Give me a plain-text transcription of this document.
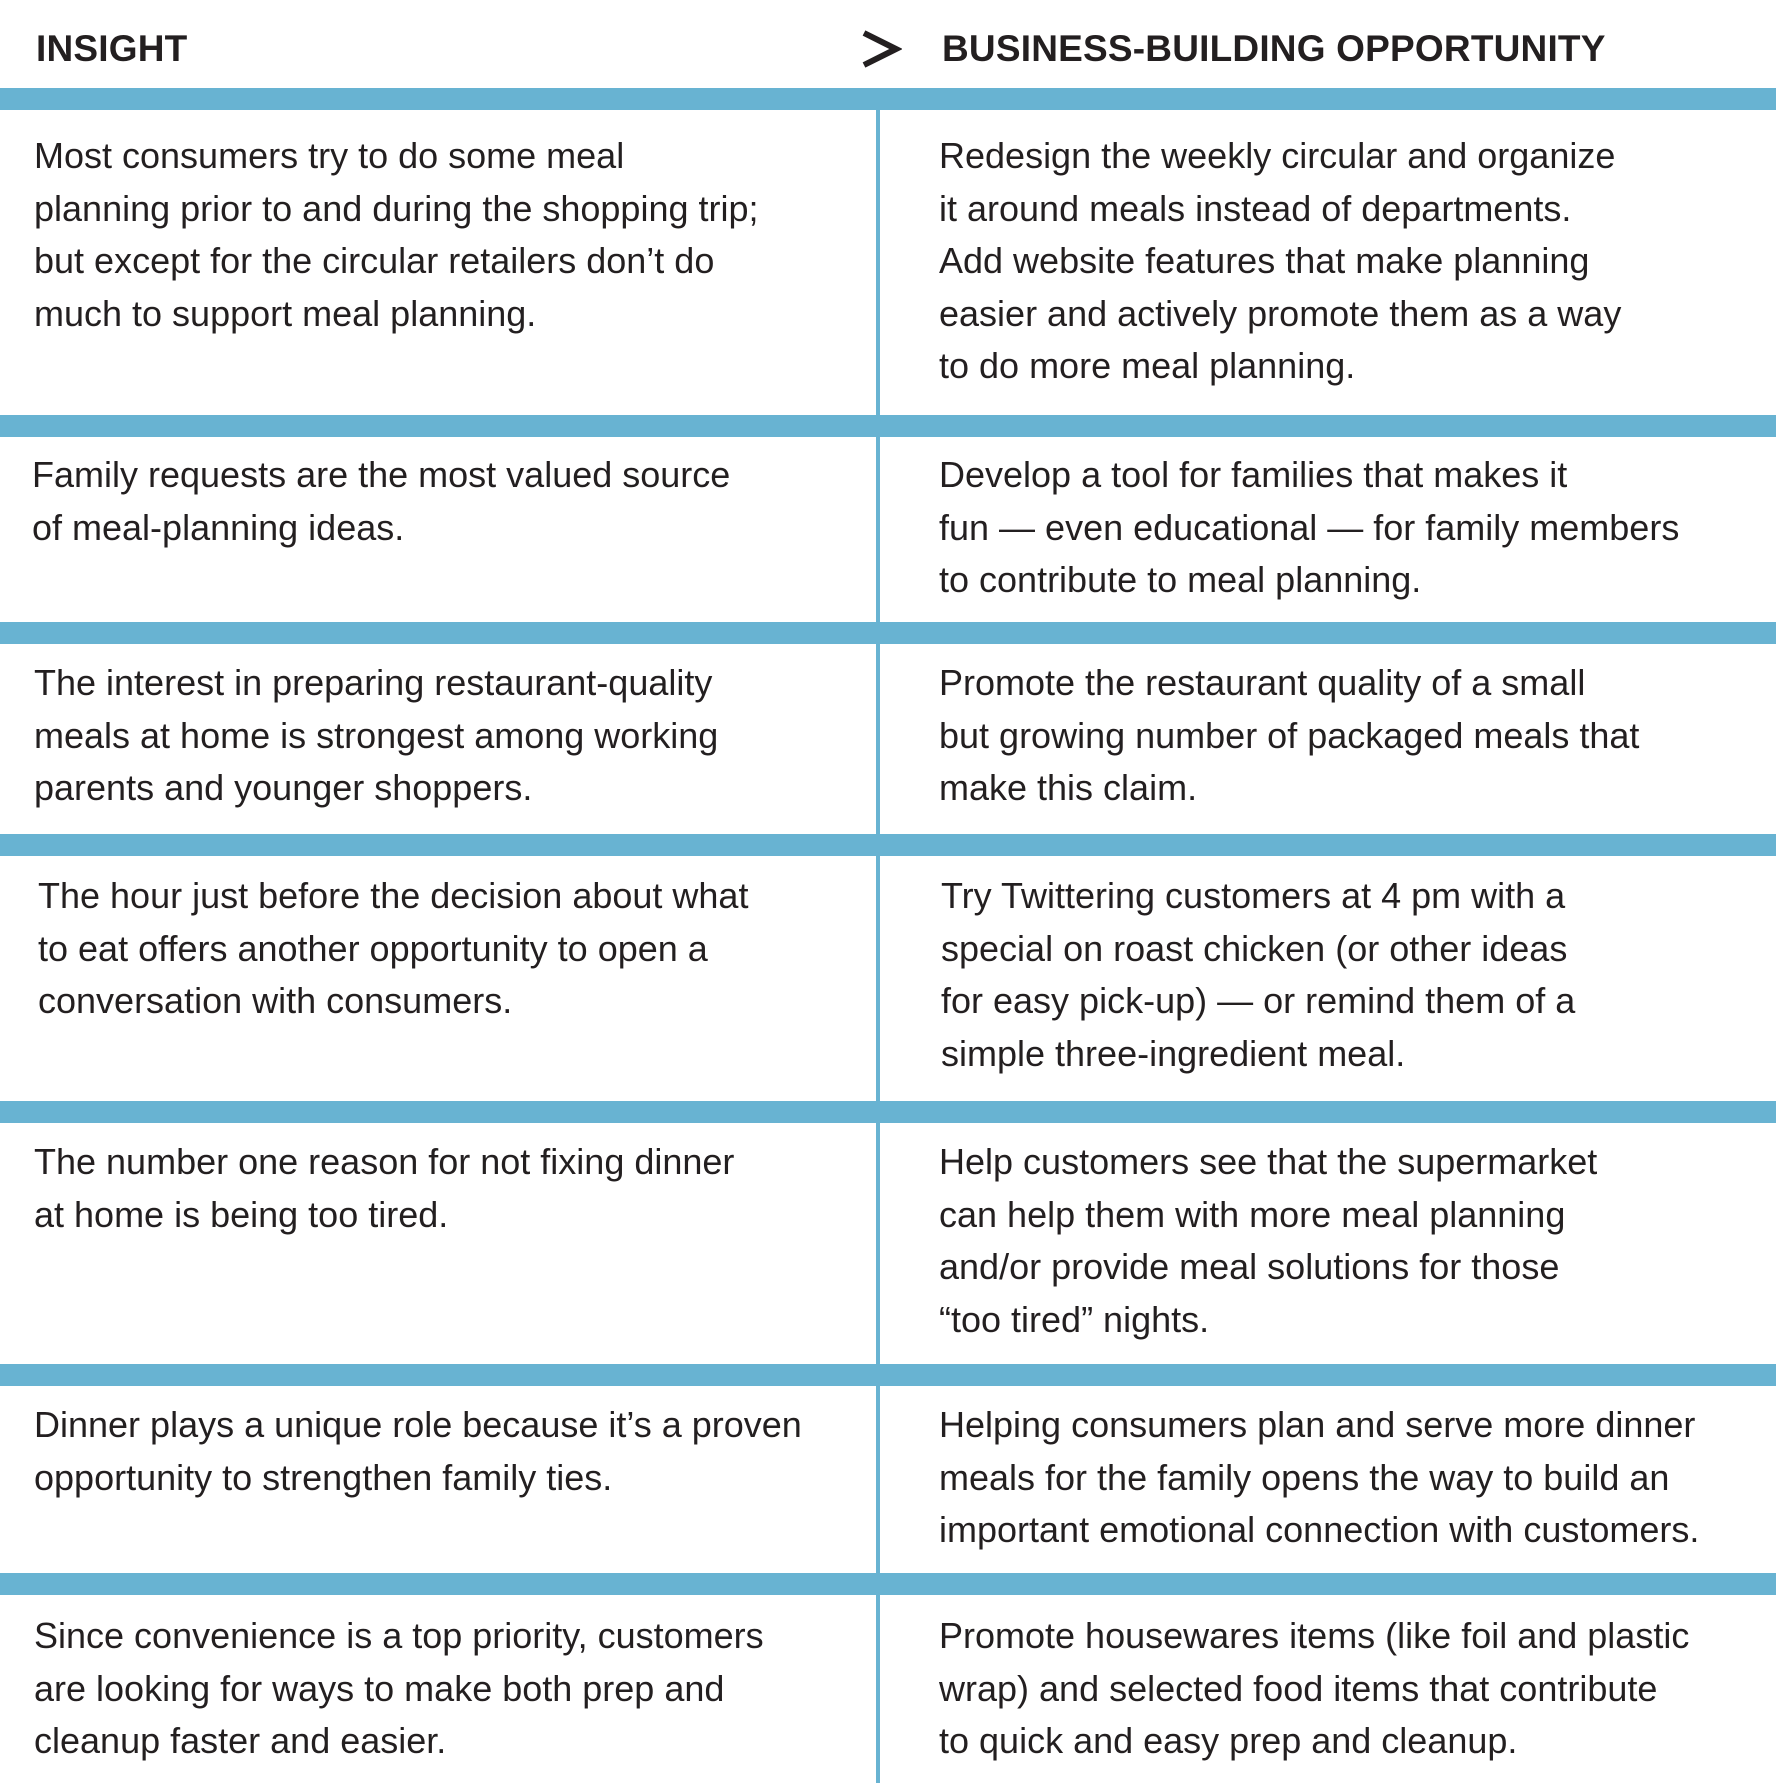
INSIGHT	BUSINESS-BUILDING OPPORTUNITY

Most consumers try to do some meal
planning prior to and during the shopping trip;
but except for the circular retailers don’t do
much to support meal planning.

Redesign the weekly circular and organize
it around meals instead of departments.
Add website features that make planning
easier and actively promote them as a way
to do more meal planning.

Family requests are the most valued source
of meal-planning ideas.

Develop a tool for families that makes it
fun — even educational — for family members
to contribute to meal planning.

The interest in preparing restaurant-quality
meals at home is strongest among working
parents and younger shoppers.

Promote the restaurant quality of a small
but growing number of packaged meals that
make this claim.

The hour just before the decision about what
to eat offers another opportunity to open a
conversation with consumers.

Try Twittering customers at 4 pm with a
special on roast chicken (or other ideas
for easy pick-up) — or remind them of a
simple three-ingredient meal.

The number one reason for not fixing dinner
at home is being too tired.

Help customers see that the supermarket
can help them with more meal planning
and/or provide meal solutions for those
“too tired” nights.

Dinner plays a unique role because it’s a proven
opportunity to strengthen family ties.

Helping consumers plan and serve more dinner
meals for the family opens the way to build an
important emotional connection with customers.

Since convenience is a top priority, customers
are looking for ways to make both prep and
cleanup faster and easier.

Promote housewares items (like foil and plastic
wrap) and selected food items that contribute
to quick and easy prep and cleanup.
